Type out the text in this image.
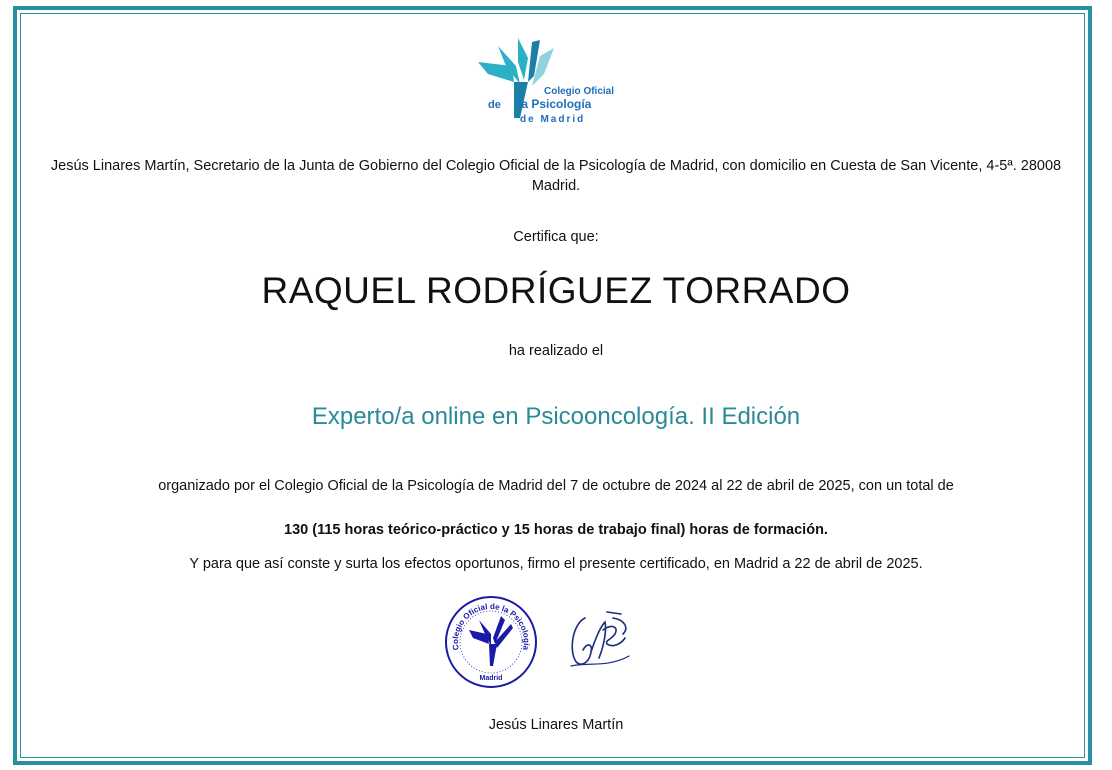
Colegio Oficial
de la Psicología
de Madrid
Jesús Linares Martín, Secretario de la Junta de Gobierno del Colegio Oficial de la Psicología de Madrid, con domicilio en Cuesta de San Vicente, 4-5ª. 28008 Madrid.
Certifica que:
RAQUEL RODRÍGUEZ TORRADO
ha realizado el
Experto/a online en Psicooncología. II Edición
organizado por el Colegio Oficial de la Psicología de Madrid del 7 de octubre de 2024 al 22 de abril de 2025, con un total de
130 (115 horas teórico-práctico y 15 horas de trabajo final) horas de formación.
Y para que así conste y surta los efectos oportunos, firmo el presente certificado, en Madrid a 22 de abril de 2025.
Colegio Oficial de la Psicología
Madrid
Jesús Linares Martín
